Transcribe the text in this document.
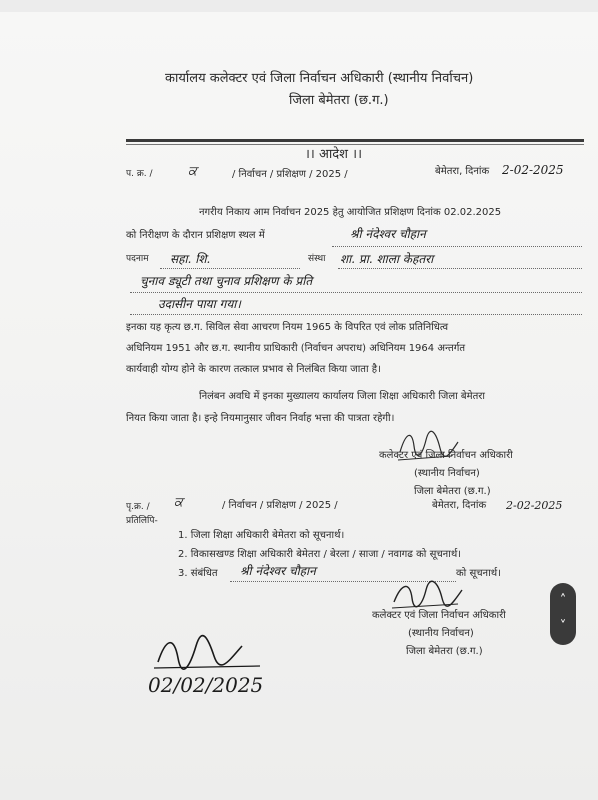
कार्यालय कलेक्टर एवं जिला निर्वाचन अधिकारी (स्थानीय निर्वाचन)
जिला बेमेतरा (छ.ग.)
।। आदेश ।।
प. क्र. /	ਕ	/ निर्वाचन / प्रशिक्षण / 2025 /	बेमेतरा, दिनांक 2-02-2025
नगरीय निकाय आम निर्वाचन 2025 हेतु आयोजित प्रशिक्षण दिनांक 02.02.2025
को निरीक्षण के दौरान प्रशिक्षण स्थल में	श्री नंदेश्वर चौहान
पदनाम सहा. शि.	संस्था शा. प्रा. शाला केहतरा
चुनाव ड्यूटी तथा चुनाव प्रशिक्षण के प्रति
उदासीन पाया गया।
इनका यह कृत्य छ.ग. सिविल सेवा आचरण नियम 1965 के विपरित एवं लोक प्रतिनिधित्व
अधिनियम 1951 और छ.ग. स्थानीय प्राधिकारी (निर्वाचन अपराध) अधिनियम 1964 अन्तर्गत
कार्यवाही योग्य होने के कारण तत्काल प्रभाव से निलंबित किया जाता है।
निलंबन अवधि में इनका मुख्यालय कार्यालय जिला शिक्षा अधिकारी जिला बेमेतरा
नियत किया जाता है। इन्हे नियमानुसार जीवन निर्वाह भत्ता की पात्रता रहेगी।
कलेक्टर एवं जिला निर्वाचन अधिकारी
(स्थानीय निर्वाचन)
जिला बेमेतरा (छ.ग.)
पृ.क्र. / ਕ	/ निर्वाचन / प्रशिक्षण / 2025 /	बेमेतरा, दिनांक 2-02-2025
प्रतिलिपि-
1. जिला शिक्षा अधिकारी बेमेतरा को सूचनार्थ।
2. विकासखण्ड शिक्षा अधिकारी बेमेतरा / बेरला / साजा / नवागढ को सूचनार्थ।
3. संबंधित श्री नंदेश्वर चौहान	को सूचनार्थ।
कलेक्टर एवं जिला निर्वाचन अधिकारी
(स्थानीय निर्वाचन)
जिला बेमेतरा (छ.ग.)
02/02/2025
˄
˅
